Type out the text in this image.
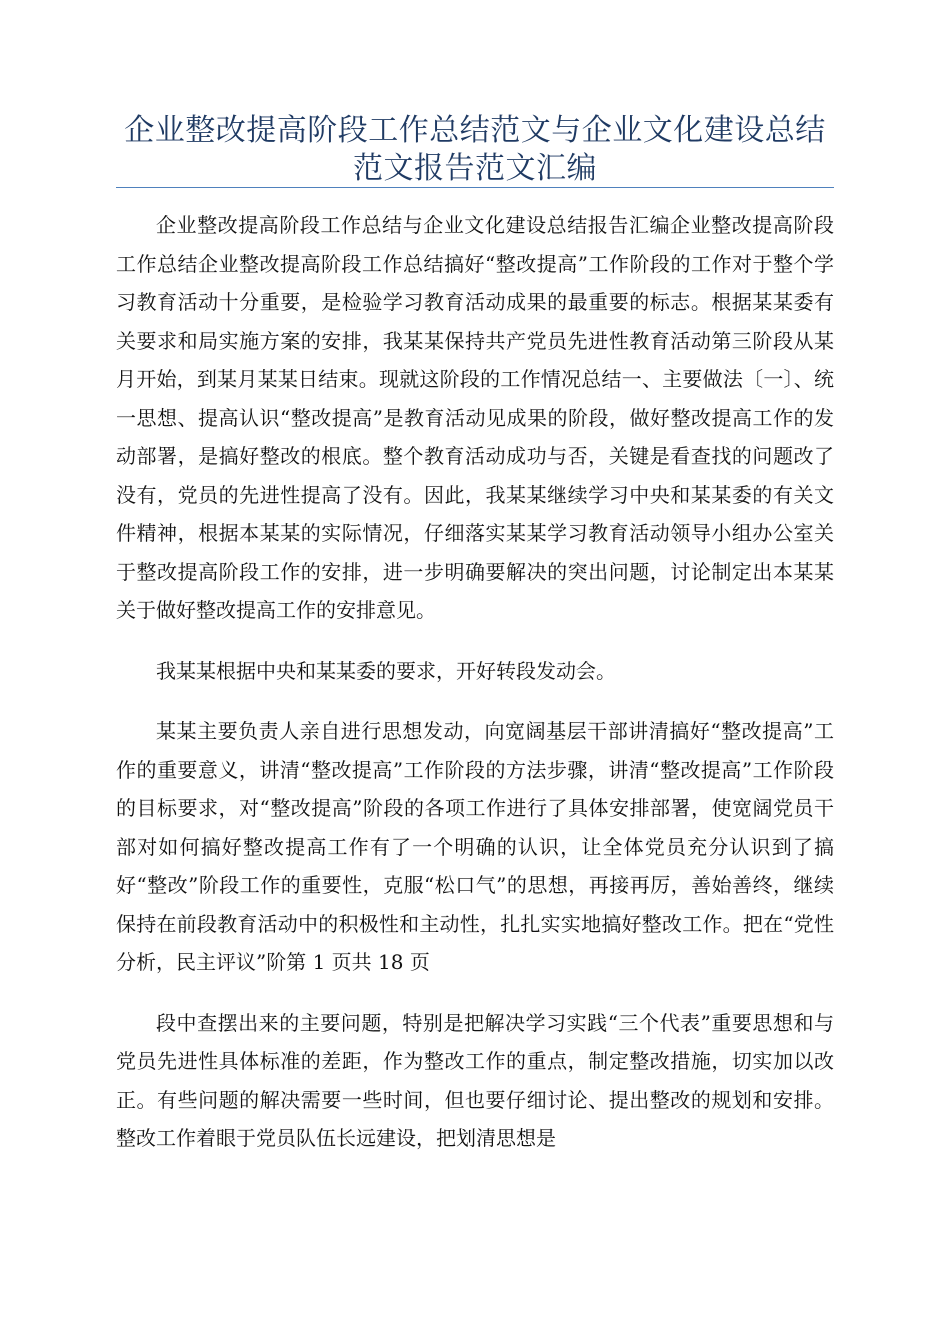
企业整改提高阶段工作总结范文与企业文化建设总结范文报告范文汇编

企业整改提高阶段工作总结与企业文化建设总结报告汇编企业整改提高阶段工作总结企业整改提高阶段工作总结搞好“整改提高”工作阶段的工作对于整个学习教育活动十分重要，是检验学习教育活动成果的最重要的标志。根据某某委有关要求和局实施方案的安排，我某某保持共产党员先进性教育活动第三阶段从某月开始，到某月某某日结束。现就这阶段的工作情况总结一、主要做法〔一〕、统一思想、提高认识“整改提高”是教育活动见成果的阶段，做好整改提高工作的发动部署，是搞好整改的根底。整个教育活动成功与否，关键是看查找的问题改了没有，党员的先进性提高了没有。因此，我某某继续学习中央和某某委的有关文件精神，根据本某某的实际情况，仔细落实某某学习教育活动领导小组办公室关于整改提高阶段工作的安排，进一步明确要解决的突出问题，讨论制定出本某某关于做好整改提高工作的安排意见。

我某某根据中央和某某委的要求，开好转段发动会。

某某主要负责人亲自进行思想发动，向宽阔基层干部讲清搞好“整改提高”工作的重要意义，讲清“整改提高”工作阶段的方法步骤，讲清“整改提高”工作阶段的目标要求，对“整改提高”阶段的各项工作进行了具体安排部署，使宽阔党员干部对如何搞好整改提高工作有了一个明确的认识，让全体党员充分认识到了搞好“整改”阶段工作的重要性，克服“松口气”的思想，再接再厉，善始善终，继续保持在前段教育活动中的积极性和主动性，扎扎实实地搞好整改工作。把在“党性分析，民主评议”阶第 1 页共 18 页

段中查摆出来的主要问题，特别是把解决学习实践“三个代表”重要思想和与党员先进性具体标准的差距，作为整改工作的重点，制定整改措施，切实加以改正。有些问题的解决需要一些时间，但也要仔细讨论、提出整改的规划和安排。整改工作着眼于党员队伍长远建设，把划清思想是
